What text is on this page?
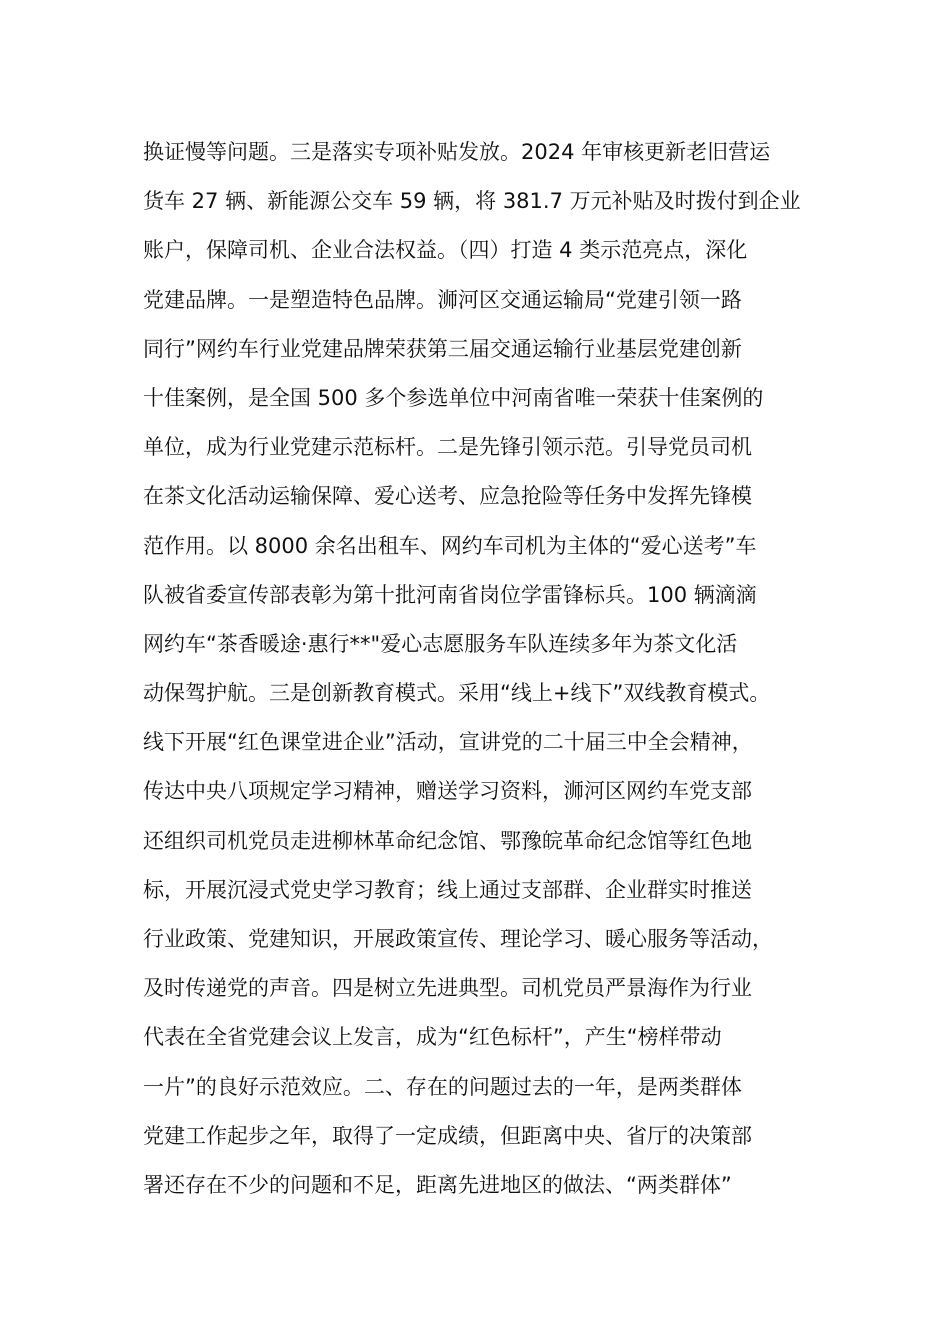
换证慢等问题。三是落实专项补贴发放。2024 年审核更新老旧营运
货车 27 辆、新能源公交车 59 辆，将 381.7 万元补贴及时拨付到企业
账户，保障司机、企业合法权益。（四）打造 4 类示范亮点，深化
党建品牌。一是塑造特色品牌。浉河区交通运输局“党建引领一路
同行”网约车行业党建品牌荣获第三届交通运输行业基层党建创新
十佳案例，是全国 500 多个参选单位中河南省唯一荣获十佳案例的
单位，成为行业党建示范标杆。二是先锋引领示范。引导党员司机
在茶文化活动运输保障、爱心送考、应急抢险等任务中发挥先锋模
范作用。以 8000 余名出租车、网约车司机为主体的“爱心送考”车
队被省委宣传部表彰为第十批河南省岗位学雷锋标兵。100 辆滴滴
网约车“茶香暖途·惠行**"爱心志愿服务车队连续多年为茶文化活
动保驾护航。三是创新教育模式。采用“线上+线下”双线教育模式。
线下开展“红色课堂进企业”活动，宣讲党的二十届三中全会精神，
传达中央八项规定学习精神，赠送学习资料，浉河区网约车党支部
还组织司机党员走进柳林革命纪念馆、鄂豫皖革命纪念馆等红色地
标，开展沉浸式党史学习教育；线上通过支部群、企业群实时推送
行业政策、党建知识，开展政策宣传、理论学习、暖心服务等活动，
及时传递党的声音。四是树立先进典型。司机党员严景海作为行业
代表在全省党建会议上发言，成为“红色标杆”，产生“榜样带动
一片”的良好示范效应。二、存在的问题过去的一年，是两类群体
党建工作起步之年，取得了一定成绩，但距离中央、省厅的决策部
署还存在不少的问题和不足，距离先进地区的做法、“两类群体”
